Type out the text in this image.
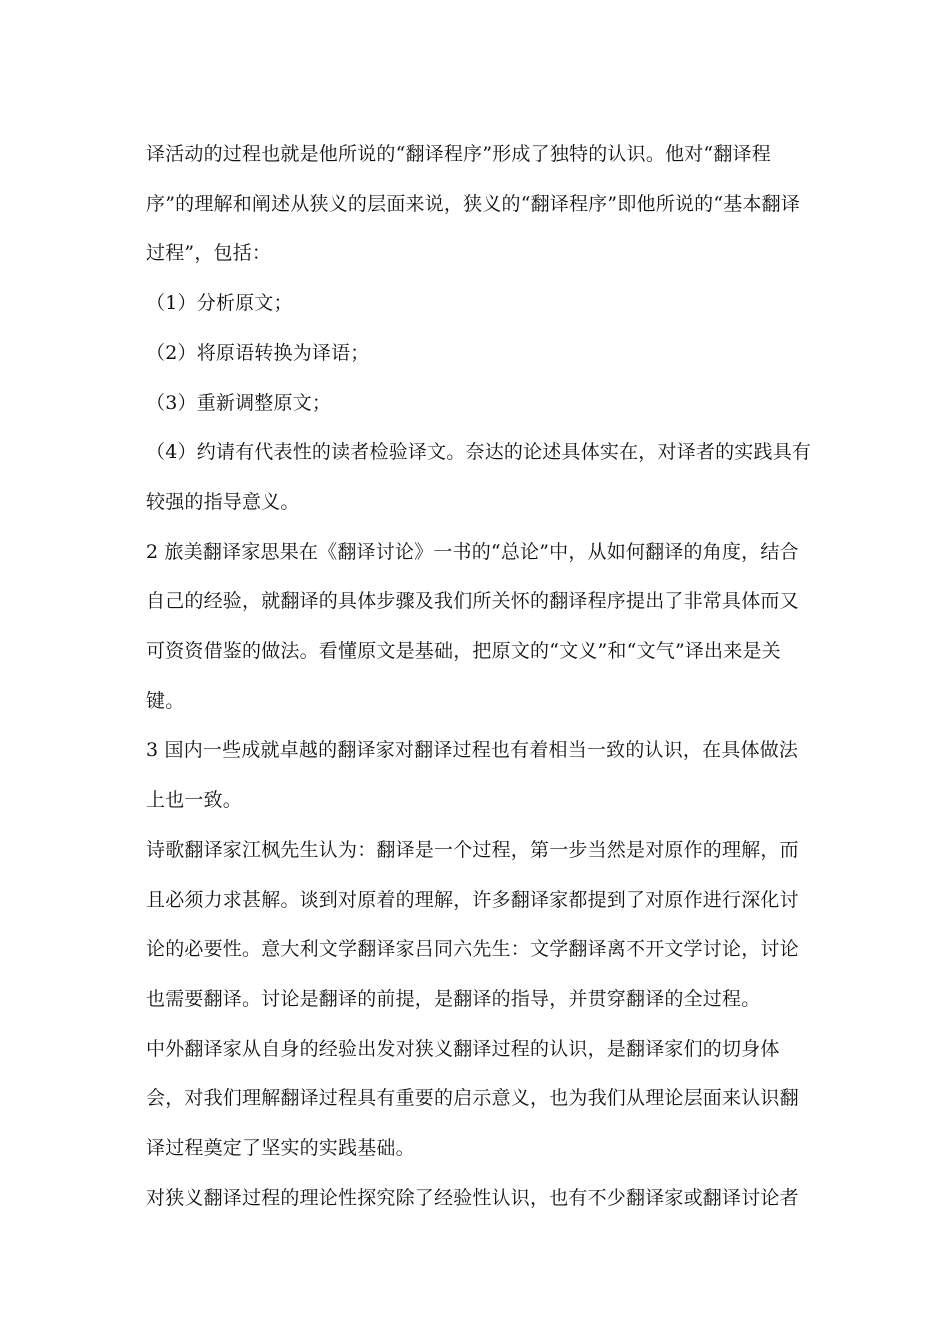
译活动的过程也就是他所说的“翻译程序”形成了独特的认识。他对“翻译程序”的理解和阐述从狭义的层面来说，狭义的“翻译程序”即他所说的“基本翻译过程”，包括：

（1）分析原文；

（2）将原语转换为译语；

（3）重新调整原文；

（4）约请有代表性的读者检验译文。奈达的论述具体实在，对译者的实践具有较强的指导意义。

2 旅美翻译家思果在《翻译讨论》一书的“总论”中，从如何翻译的角度，结合自己的经验，就翻译的具体步骤及我们所关怀的翻译程序提出了非常具体而又可资资借鉴的做法。看懂原文是基础，把原文的“文义”和“文气”译出来是关键。

3 国内一些成就卓越的翻译家对翻译过程也有着相当一致的认识，在具体做法上也一致。

诗歌翻译家江枫先生认为：翻译是一个过程，第一步当然是对原作的理解，而且必须力求甚解。谈到对原着的理解，许多翻译家都提到了对原作进行深化讨论的必要性。意大利文学翻译家吕同六先生：文学翻译离不开文学讨论，讨论也需要翻译。讨论是翻译的前提，是翻译的指导，并贯穿翻译的全过程。

中外翻译家从自身的经验出发对狭义翻译过程的认识，是翻译家们的切身体会，对我们理解翻译过程具有重要的启示意义，也为我们从理论层面来认识翻译过程奠定了坚实的实践基础。

对狭义翻译过程的理论性探究除了经验性认识，也有不少翻译家或翻译讨论者
